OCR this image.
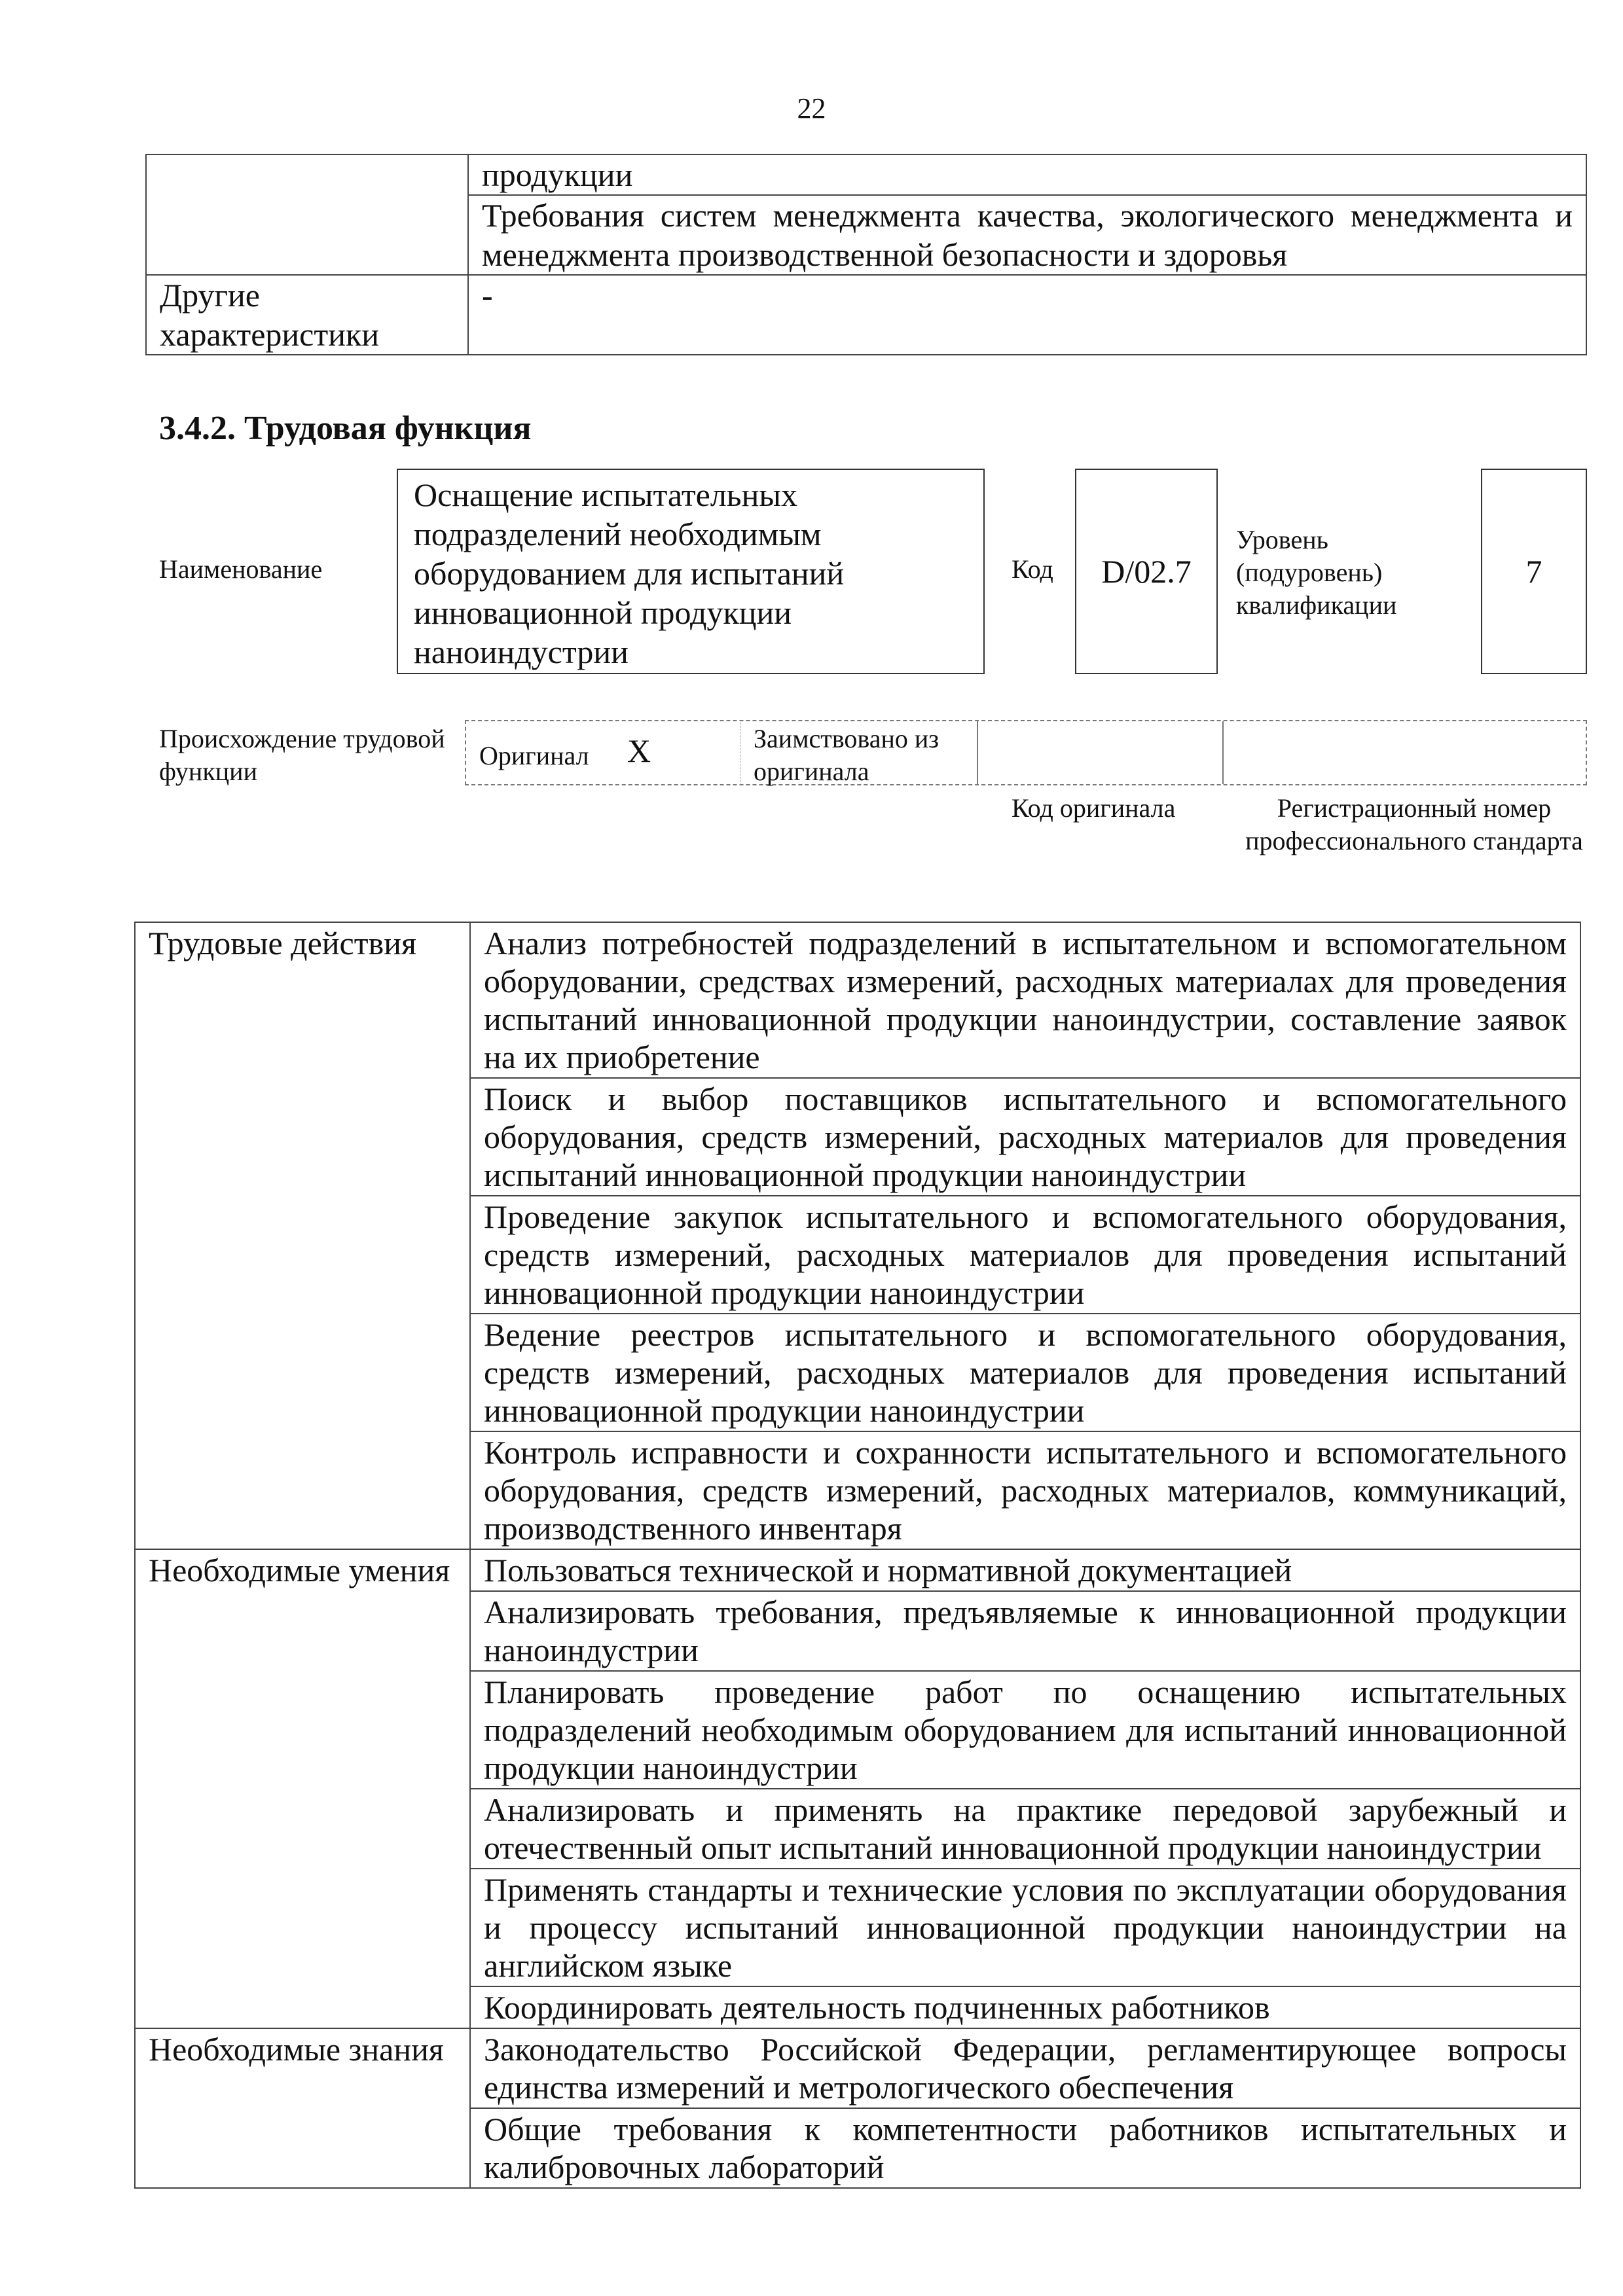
22
	продукции
	Требования систем менеджмента качества, экологического менеджмента и менеджмента производственной безопасности и здоровья
Другие характеристики	-
3.4.2. Трудовая функция
Наименование
Оснащение испытательных подразделений необходимым оборудованием для испытаний инновационной продукции наноиндустрии
Код D/02.7
Уровень (подуровень) квалификации
7
Происхождение трудовой функции
Оригинал X	Заимствовано из оригинала
Код оригинала	Регистрационный номер профессионального стандарта
Трудовые действия	Анализ потребностей подразделений в испытательном и вспомогательном оборудовании, средствах измерений, расходных материалах для проведения испытаний инновационной продукции наноиндустрии, составление заявок на их приобретение
	Поиск и выбор поставщиков испытательного и вспомогательного оборудования, средств измерений, расходных материалов для проведения испытаний инновационной продукции наноиндустрии
	Проведение закупок испытательного и вспомогательного оборудования, средств измерений, расходных материалов для проведения испытаний инновационной продукции наноиндустрии
	Ведение реестров испытательного и вспомогательного оборудования, средств измерений, расходных материалов для проведения испытаний инновационной продукции наноиндустрии
	Контроль исправности и сохранности испытательного и вспомогательного оборудования, средств измерений, расходных материалов, коммуникаций, производственного инвентаря
Необходимые умения	Пользоваться технической и нормативной документацией
	Анализировать требования, предъявляемые к инновационной продукции наноиндустрии
	Планировать проведение работ по оснащению испытательных подразделений необходимым оборудованием для испытаний инновационной продукции наноиндустрии
	Анализировать и применять на практике передовой зарубежный и отечественный опыт испытаний инновационной продукции наноиндустрии
	Применять стандарты и технические условия по эксплуатации оборудования и процессу испытаний инновационной продукции наноиндустрии на английском языке
	Координировать деятельность подчиненных работников
Необходимые знания	Законодательство Российской Федерации, регламентирующее вопросы единства измерений и метрологического обеспечения
	Общие требования к компетентности работников испытательных и калибровочных лабораторий
